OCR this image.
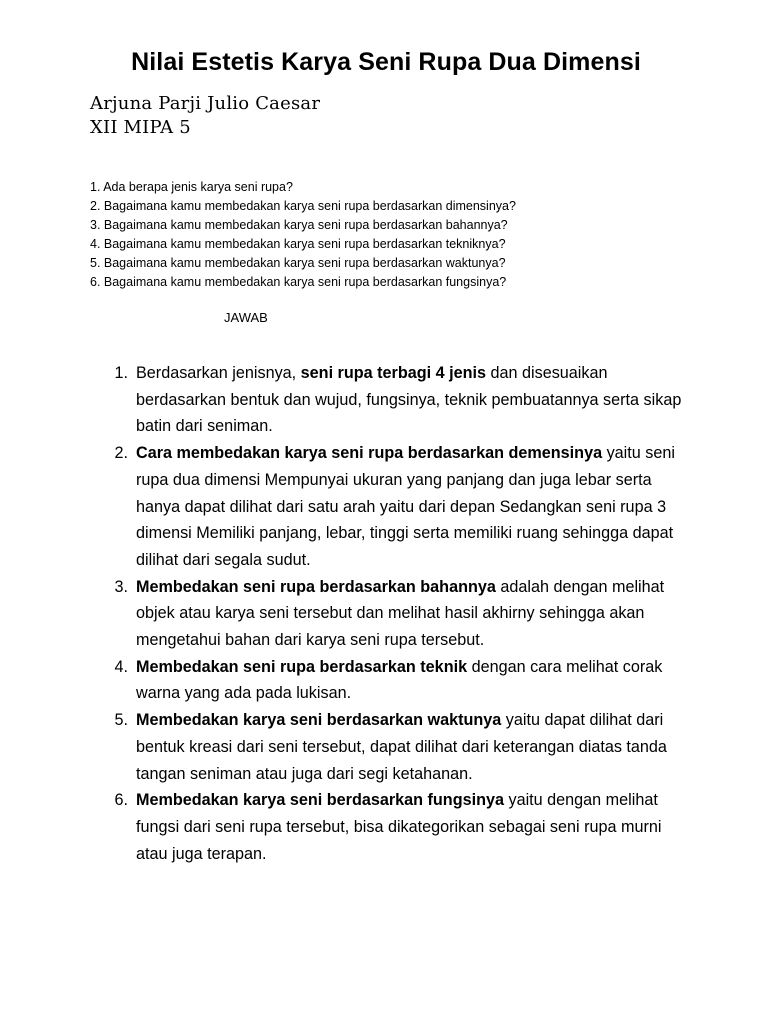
Nilai Estetis Karya Seni Rupa Dua Dimensi
Arjuna Parji Julio Caesar
XII MIPA 5
1. Ada berapa jenis karya seni rupa?
2. Bagaimana kamu membedakan karya seni rupa berdasarkan dimensinya?
3. Bagaimana kamu membedakan karya seni rupa berdasarkan bahannya?
4. Bagaimana kamu membedakan karya seni rupa berdasarkan tekniknya?
5. Bagaimana kamu membedakan karya seni rupa berdasarkan waktunya?
6. Bagaimana kamu membedakan karya seni rupa berdasarkan fungsinya?
JAWAB
1. Berdasarkan jenisnya, seni rupa terbagi 4 jenis dan disesuaikan berdasarkan bentuk dan wujud, fungsinya, teknik pembuatannya serta sikap batin dari seniman.
2. Cara membedakan karya seni rupa berdasarkan demensinya yaitu seni rupa dua dimensi Mempunyai ukuran yang panjang dan juga lebar serta hanya dapat dilihat dari satu arah yaitu dari depan Sedangkan seni rupa 3 dimensi Memiliki panjang, lebar, tinggi serta memiliki ruang sehingga dapat dilihat dari segala sudut.
3. Membedakan seni rupa berdasarkan bahannya adalah dengan melihat objek atau karya seni tersebut dan melihat hasil akhirny sehingga akan mengetahui bahan dari karya seni rupa tersebut.
4. Membedakan seni rupa berdasarkan teknik dengan cara melihat corak warna yang ada pada lukisan.
5. Membedakan karya seni berdasarkan waktunya yaitu dapat dilihat dari bentuk kreasi dari seni tersebut, dapat dilihat dari keterangan diatas tanda tangan seniman atau juga dari segi ketahanan.
6. Membedakan karya seni berdasarkan fungsinya yaitu dengan melihat fungsi dari seni rupa tersebut, bisa dikategorikan sebagai seni rupa murni atau juga terapan.
